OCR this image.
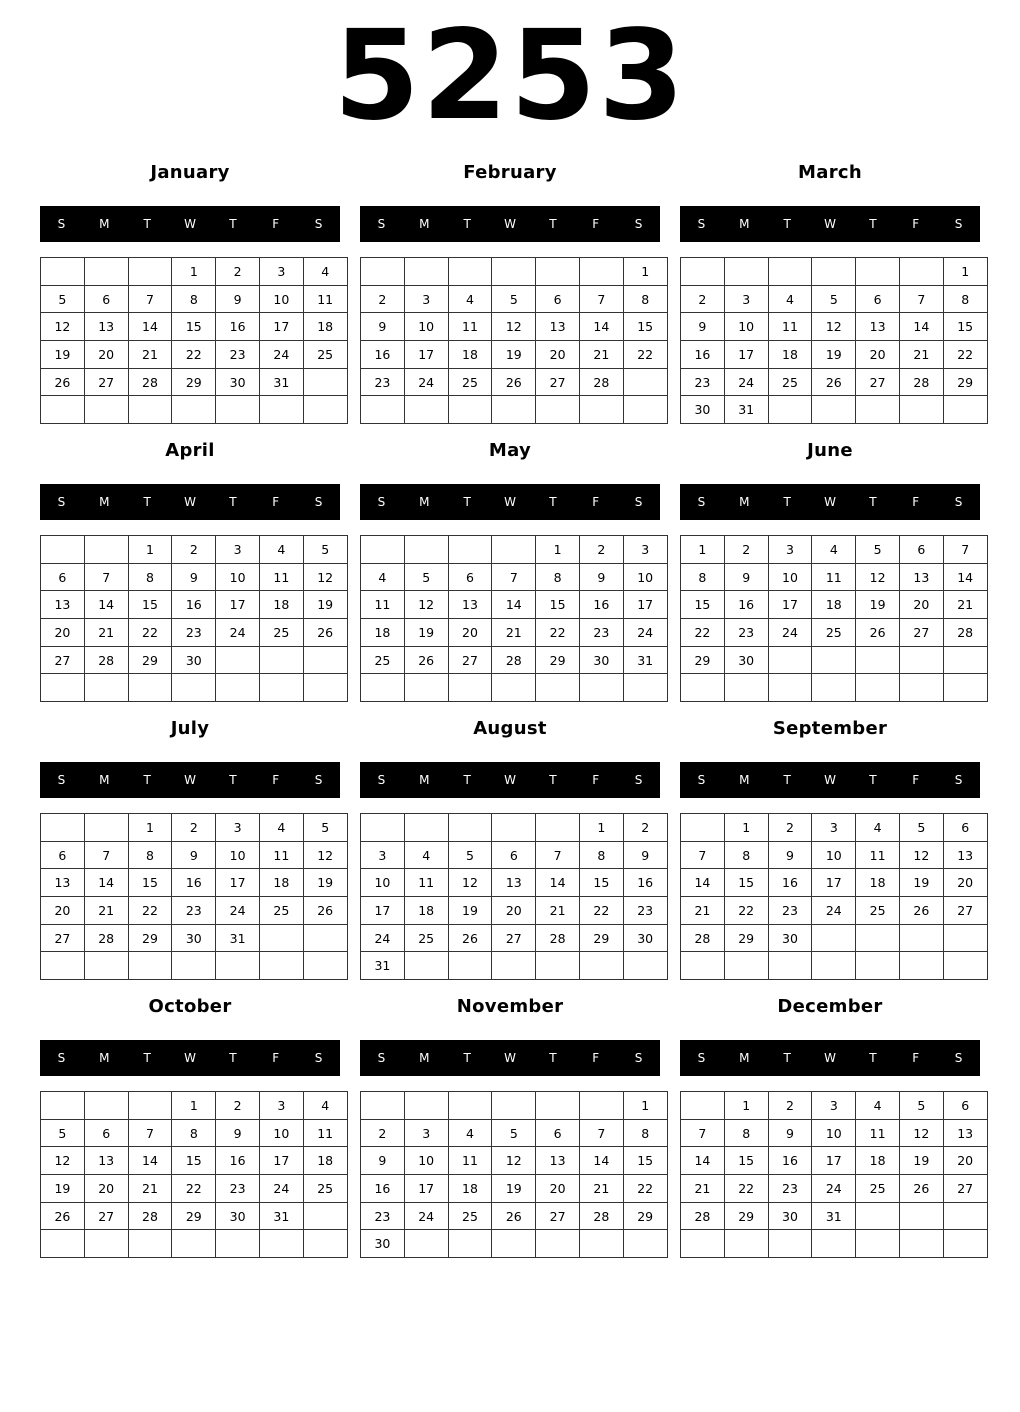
5253
January
S	M	T	W	T	F	S
			1	2	3	4
5	6	7	8	9	10	11
12	13	14	15	16	17	18
19	20	21	22	23	24	25
26	27	28	29	30	31	

February
S	M	T	W	T	F	S
						1
2	3	4	5	6	7	8
9	10	11	12	13	14	15
16	17	18	19	20	21	22
23	24	25	26	27	28	

March
S	M	T	W	T	F	S
						1
2	3	4	5	6	7	8
9	10	11	12	13	14	15
16	17	18	19	20	21	22
23	24	25	26	27	28	29
30	31					
April
S	M	T	W	T	F	S
		1	2	3	4	5
6	7	8	9	10	11	12
13	14	15	16	17	18	19
20	21	22	23	24	25	26
27	28	29	30			

May
S	M	T	W	T	F	S
				1	2	3
4	5	6	7	8	9	10
11	12	13	14	15	16	17
18	19	20	21	22	23	24
25	26	27	28	29	30	31

June
S	M	T	W	T	F	S
1	2	3	4	5	6	7
8	9	10	11	12	13	14
15	16	17	18	19	20	21
22	23	24	25	26	27	28
29	30					

July
S	M	T	W	T	F	S
		1	2	3	4	5
6	7	8	9	10	11	12
13	14	15	16	17	18	19
20	21	22	23	24	25	26
27	28	29	30	31		

August
S	M	T	W	T	F	S
					1	2
3	4	5	6	7	8	9
10	11	12	13	14	15	16
17	18	19	20	21	22	23
24	25	26	27	28	29	30
31						
September
S	M	T	W	T	F	S
	1	2	3	4	5	6
7	8	9	10	11	12	13
14	15	16	17	18	19	20
21	22	23	24	25	26	27
28	29	30				

October
S	M	T	W	T	F	S
			1	2	3	4
5	6	7	8	9	10	11
12	13	14	15	16	17	18
19	20	21	22	23	24	25
26	27	28	29	30	31	

November
S	M	T	W	T	F	S
						1
2	3	4	5	6	7	8
9	10	11	12	13	14	15
16	17	18	19	20	21	22
23	24	25	26	27	28	29
30						
December
S	M	T	W	T	F	S
	1	2	3	4	5	6
7	8	9	10	11	12	13
14	15	16	17	18	19	20
21	22	23	24	25	26	27
28	29	30	31			
